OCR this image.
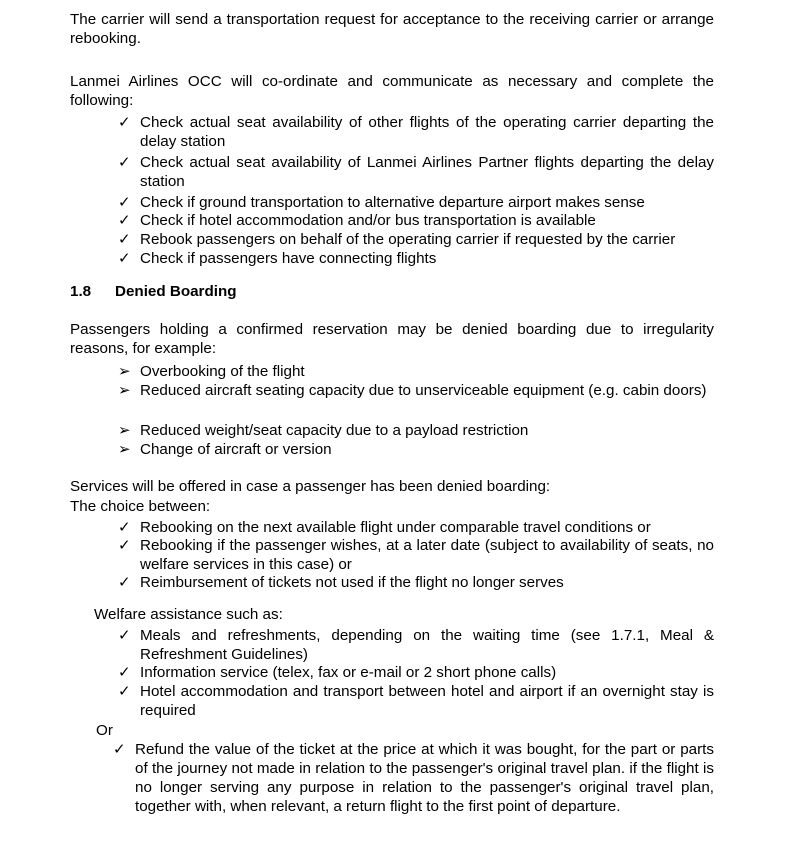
The carrier will send a transportation request for acceptance to the receiving carrier or arrange rebooking.

Lanmei Airlines OCC will co-ordinate and communicate as necessary and complete the following:

✓ Check actual seat availability of other flights of the operating carrier departing the delay station
✓ Check actual seat availability of Lanmei Airlines Partner flights departing the delay station
✓ Check if ground transportation to alternative departure airport makes sense
✓ Check if hotel accommodation and/or bus transportation is available
✓ Rebook passengers on behalf of the operating carrier if requested by the carrier
✓ Check if passengers have connecting flights
1.8 Denied Boarding

Passengers holding a confirmed reservation may be denied boarding due to irregularity reasons, for example:

➢ Overbooking of the flight
➢ Reduced aircraft seating capacity due to unserviceable equipment (e.g. cabin doors)
➢ Reduced weight/seat capacity due to a payload restriction
➢ Change of aircraft or version

Services will be offered in case a passenger has been denied boarding:

The choice between:

✓ Rebooking on the next available flight under comparable travel conditions or
✓ Rebooking if the passenger wishes, at a later date (subject to availability of seats, no welfare services in this case) or
✓ Reimbursement of tickets not used if the flight no longer serves

Welfare assistance such as:

✓ Meals and refreshments, depending on the waiting time (see 1.7.1, Meal & Refreshment Guidelines)
✓ Information service (telex, fax or e-mail or 2 short phone calls)
✓ Hotel accommodation and transport between hotel and airport if an overnight stay is required

Or

✓ Refund the value of the ticket at the price at which it was bought, for the part or parts of the journey not made in relation to the passenger's original travel plan. if the flight is no longer serving any purpose in relation to the passenger's original travel plan, together with, when relevant, a return flight to the first point of departure.
